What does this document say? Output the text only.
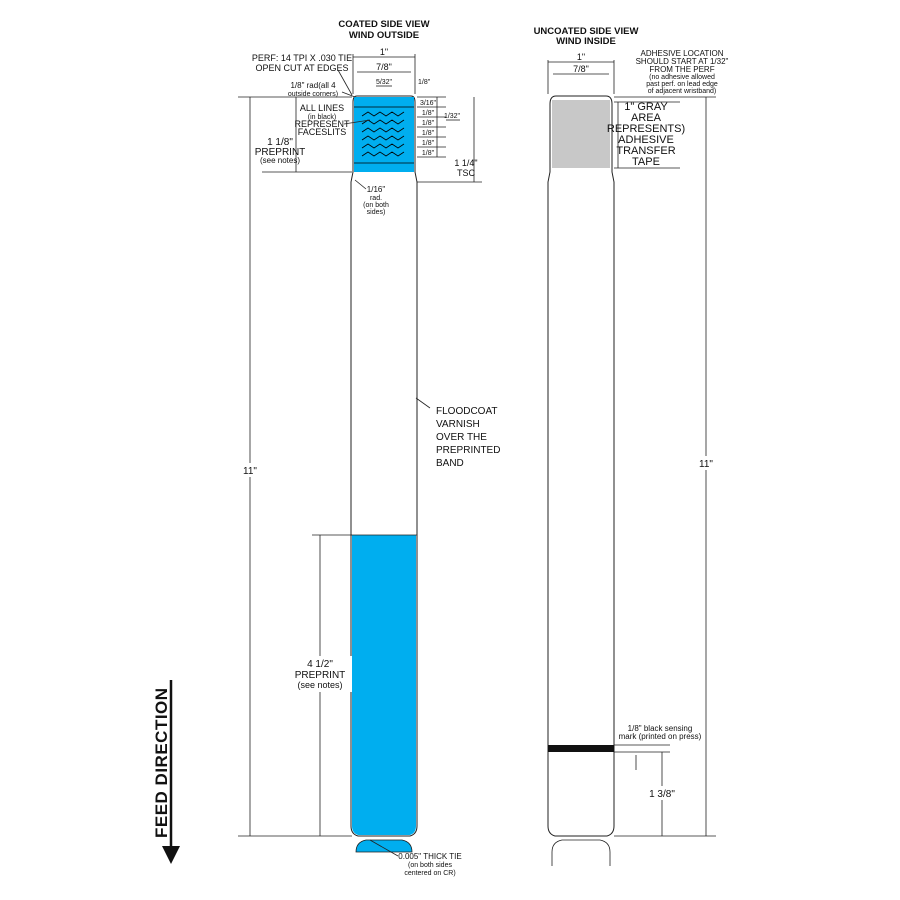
COATED SIDE VIEW
WIND OUTSIDE
1"
7/8"
5/32"	1/8"
PERF: 14 TPI X .030 TIE
OPEN CUT AT EDGES
1/8" rad(all 4
outside corners)
ALL LINES
(in black)
REPRESENT
FACESLITS
1 1/8"
PREPRINT
(see notes)
3/16"
1/8"
1/8"
1/8"
1/8"
1/8"
1/32"
1 1/4"
TSC
1/16"
rad.
(on both
sides)
FLOODCOAT
VARNISH
OVER THE
PREPRINTED
BAND
11"
4 1/2"
PREPRINT
(see notes)
0.005" THICK TIE
(on both sides
centered on CR)
UNCOATED SIDE VIEW
WIND INSIDE
1"
7/8"
ADHESIVE LOCATION
SHOULD START AT 1/32"
FROM THE PERF
(no adhesive allowed
past perf. on lead edge
of adjacent wristband)
11"
1" GRAY
AREA
REPRESENTS)
ADHESIVE
TRANSFER
TAPE
1/8" black sensing
mark (printed on press)
1 3/8"
FEED DIRECTION
